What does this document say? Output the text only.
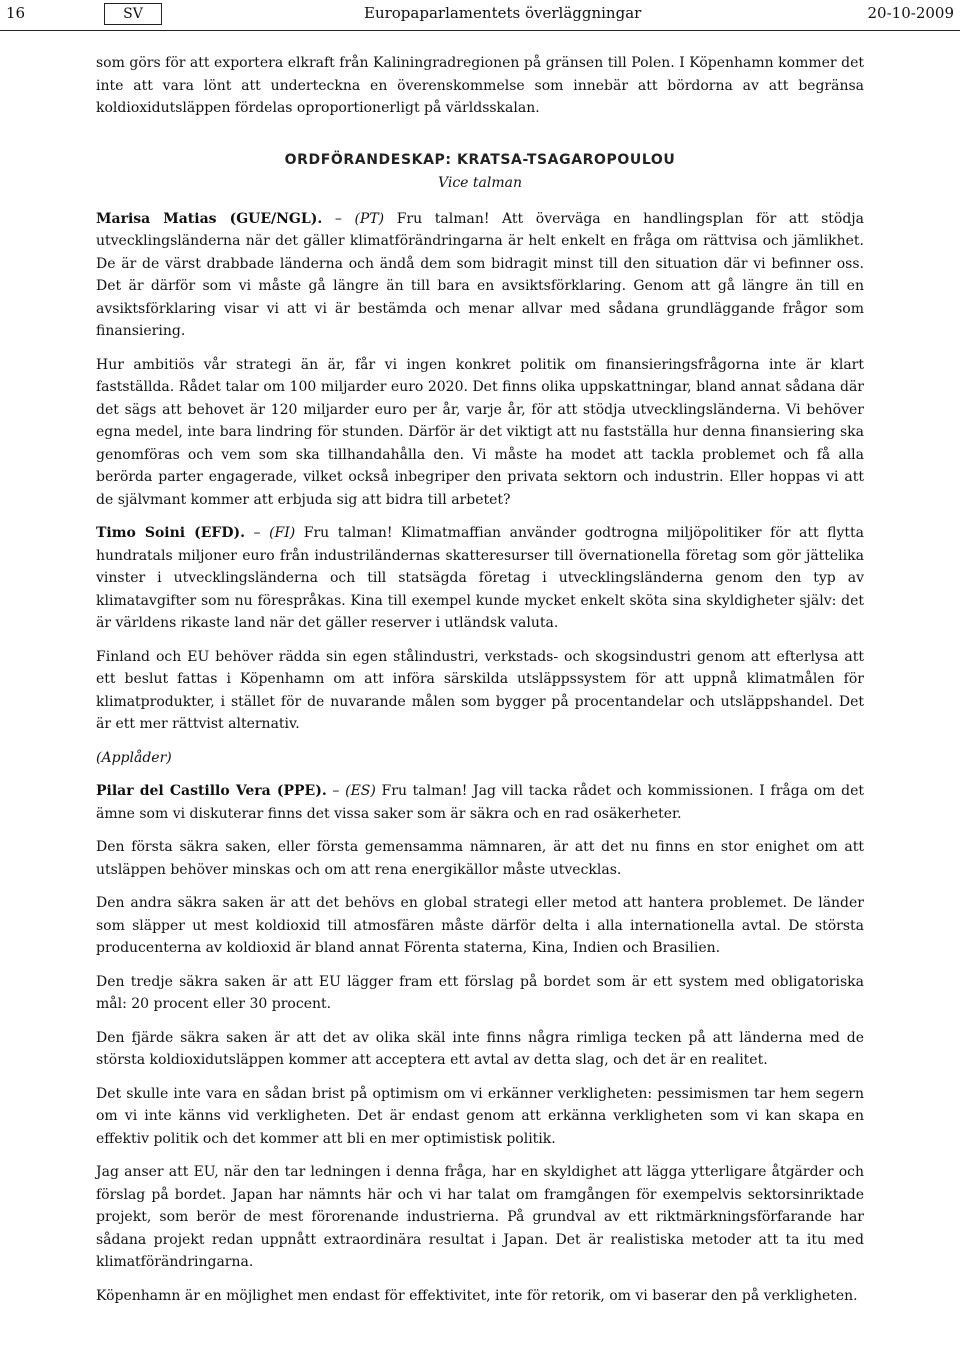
16	SV	Europaparlamentets överläggningar	20-10-2009

som görs för att exportera elkraft från Kaliningradregionen på gränsen till Polen. I Köpenhamn kommer det inte att vara lönt att underteckna en överenskommelse som innebär att bördorna av att begränsa koldioxidutsläppen fördelas oproportionerligt på världsskalan.

ORDFÖRANDESKAP: KRATSA-TSAGAROPOULOU
Vice talman

Marisa Matias (GUE/NGL). – (PT) Fru talman! Att överväga en handlingsplan för att stödja utvecklingsländerna när det gäller klimatförändringarna är helt enkelt en fråga om rättvisa och jämlikhet. De är de värst drabbade länderna och ändå dem som bidragit minst till den situation där vi befinner oss. Det är därför som vi måste gå längre än till bara en avsiktsförklaring. Genom att gå längre än till en avsiktsförklaring visar vi att vi är bestämda och menar allvar med sådana grundläggande frågor som finansiering.

Hur ambitiös vår strategi än är, får vi ingen konkret politik om finansieringsfrågorna inte är klart fastställda. Rådet talar om 100 miljarder euro 2020. Det finns olika uppskattningar, bland annat sådana där det sägs att behovet är 120 miljarder euro per år, varje år, för att stödja utvecklingsländerna. Vi behöver egna medel, inte bara lindring för stunden. Därför är det viktigt att nu fastställa hur denna finansiering ska genomföras och vem som ska tillhandahålla den. Vi måste ha modet att tackla problemet och få alla berörda parter engagerade, vilket också inbegriper den privata sektorn och industrin. Eller hoppas vi att de självmant kommer att erbjuda sig att bidra till arbetet?

Timo Soini (EFD). – (FI) Fru talman! Klimatmaffian använder godtrogna miljöpolitiker för att flytta hundratals miljoner euro från industriländernas skatteresurser till övernationella företag som gör jättelika vinster i utvecklingsländerna och till statsägda företag i utvecklingsländerna genom den typ av klimatavgifter som nu förespråkas. Kina till exempel kunde mycket enkelt sköta sina skyldigheter själv: det är världens rikaste land när det gäller reserver i utländsk valuta.

Finland och EU behöver rädda sin egen stålindustri, verkstads- och skogsindustri genom att efterlysa att ett beslut fattas i Köpenhamn om att införa särskilda utsläppssystem för att uppnå klimatmålen för klimatprodukter, i stället för de nuvarande målen som bygger på procentandelar och utsläppshandel. Det är ett mer rättvist alternativ.

(Applåder)

Pilar del Castillo Vera (PPE). – (ES) Fru talman! Jag vill tacka rådet och kommissionen. I fråga om det ämne som vi diskuterar finns det vissa saker som är säkra och en rad osäkerheter.

Den första säkra saken, eller första gemensamma nämnaren, är att det nu finns en stor enighet om att utsläppen behöver minskas och om att rena energikällor måste utvecklas.

Den andra säkra saken är att det behövs en global strategi eller metod att hantera problemet. De länder som släpper ut mest koldioxid till atmosfären måste därför delta i alla internationella avtal. De största producenterna av koldioxid är bland annat Förenta staterna, Kina, Indien och Brasilien.

Den tredje säkra saken är att EU lägger fram ett förslag på bordet som är ett system med obligatoriska mål: 20 procent eller 30 procent.

Den fjärde säkra saken är att det av olika skäl inte finns några rimliga tecken på att länderna med de största koldioxidutsläppen kommer att acceptera ett avtal av detta slag, och det är en realitet.

Det skulle inte vara en sådan brist på optimism om vi erkänner verkligheten: pessimismen tar hem segern om vi inte känns vid verkligheten. Det är endast genom att erkänna verkligheten som vi kan skapa en effektiv politik och det kommer att bli en mer optimistisk politik.

Jag anser att EU, när den tar ledningen i denna fråga, har en skyldighet att lägga ytterligare åtgärder och förslag på bordet. Japan har nämnts här och vi har talat om framgången för exempelvis sektorsinriktade projekt, som berör de mest förorenande industrierna. På grundval av ett riktmärkningsförfarande har sådana projekt redan uppnått extraordinära resultat i Japan. Det är realistiska metoder att ta itu med klimatförändringarna.

Köpenhamn är en möjlighet men endast för effektivitet, inte för retorik, om vi baserar den på verkligheten.
